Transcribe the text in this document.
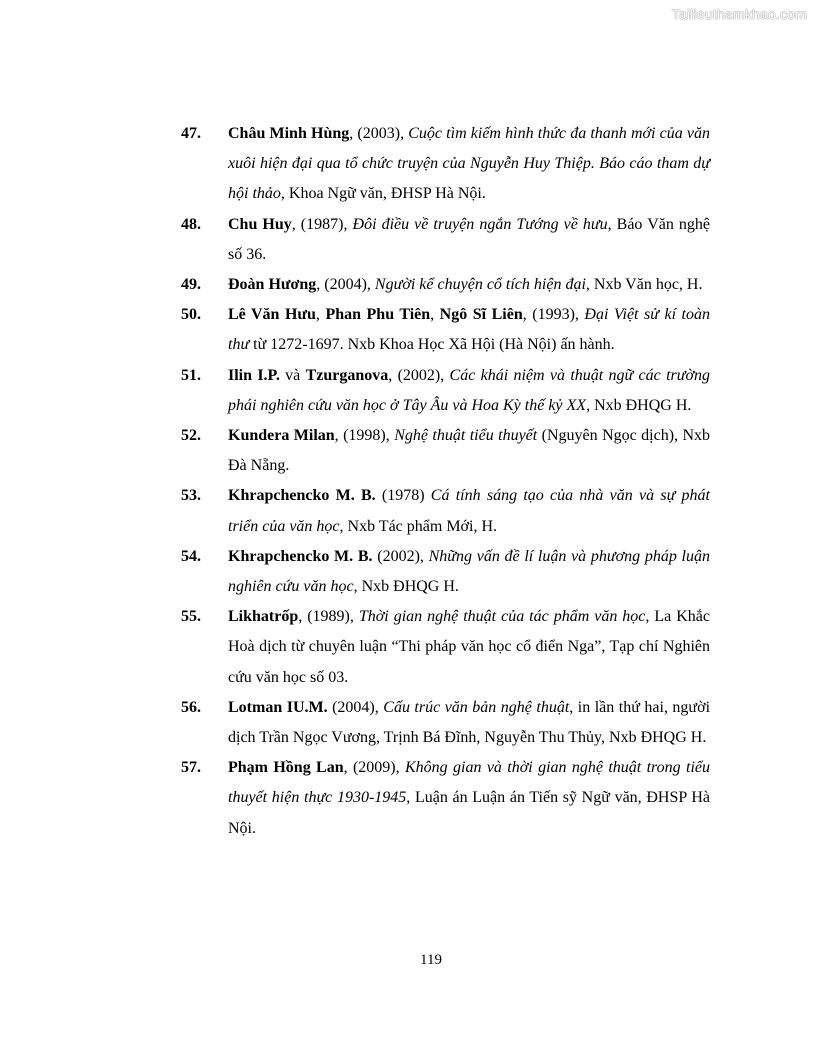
Tailieuthamkhao.com
47. Châu Minh Hùng, (2003), Cuộc tìm kiếm hình thức đa thanh mới của văn xuôi hiện đại qua tổ chức truyện của Nguyễn Huy Thiệp. Báo cáo tham dự hội thảo, Khoa Ngữ văn, ĐHSP Hà Nội.
48. Chu Huy, (1987), Đôi điều về truyện ngắn Tướng về hưu, Báo Văn nghệ số 36.
49. Đoàn Hương, (2004), Người kể chuyện cổ tích hiện đại, Nxb Văn học, H.
50. Lê Văn Hưu, Phan Phu Tiên, Ngô Sĩ Liên, (1993), Đại Việt sử kí toàn thư từ 1272-1697. Nxb Khoa Học Xã Hội (Hà Nội) ấn hành.
51. Ilin I.P. và Tzurganova, (2002), Các khái niệm và thuật ngữ các trường phái nghiên cứu văn học ở Tây Âu và Hoa Kỳ thế kỷ XX, Nxb ĐHQG H.
52. Kundera Milan, (1998), Nghệ thuật tiểu thuyết (Nguyên Ngọc dịch), Nxb Đà Nẵng.
53. Khrapchencko M. B. (1978) Cá tính sáng tạo của nhà văn và sự phát triển của văn học, Nxb Tác phẩm Mới, H.
54. Khrapchencko M. B. (2002), Những vấn đề lí luận và phương pháp luận nghiên cứu văn học, Nxb ĐHQG H.
55. Likhatrốp, (1989), Thời gian nghệ thuật của tác phẩm văn học, La Khắc Hoà dịch từ chuyên luận “Thi pháp văn học cổ điển Nga”, Tạp chí Nghiên cứu văn học số 03.
56. Lotman IU.M. (2004), Cấu trúc văn bản nghệ thuật, in lần thứ hai, người dịch Trần Ngọc Vương, Trịnh Bá Đĩnh, Nguyễn Thu Thủy, Nxb ĐHQG H.
57. Phạm Hồng Lan, (2009), Không gian và thời gian nghệ thuật trong tiểu thuyết hiện thực 1930-1945, Luận án Luận án Tiến sỹ Ngữ văn, ĐHSP Hà Nội.
119
